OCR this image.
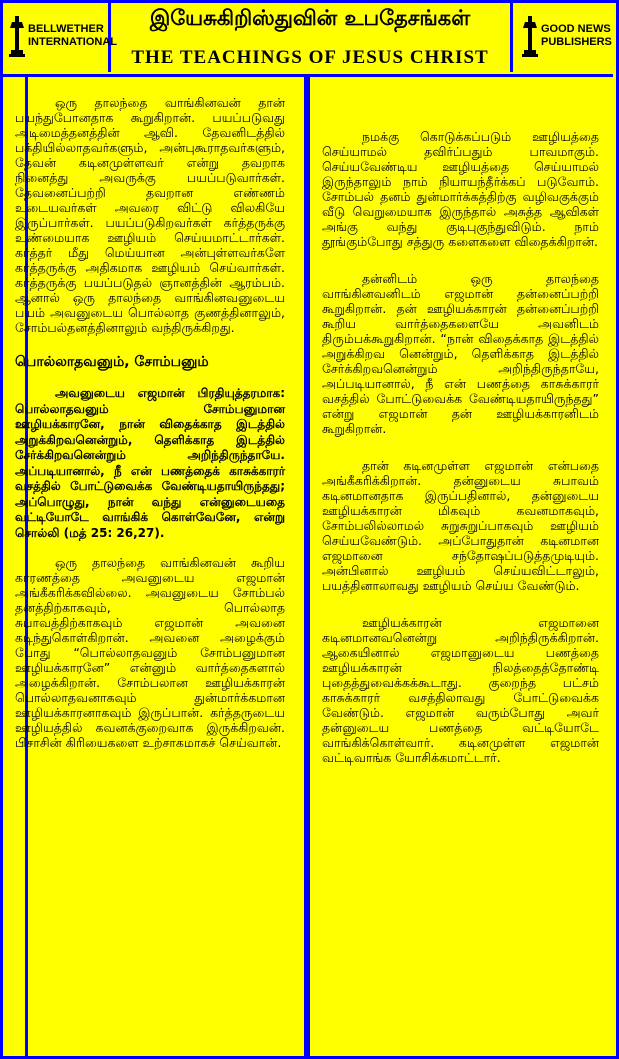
BELLWETHER
INTERNATIONAL
இயேசுகிறிஸ்துவின் உபதேசங்கள்
THE TEACHINGS OF JESUS CHRIST
GOOD NEWS
PUBLISHERS

ஒரு தாலந்தை வாங்கினவன் தான் பயந்துபோனதாக கூறுகிறான். பயப்படுவது அடிமைத்தனத்தின் ஆவி. தேவனிடத்தில் பக்தியில்லாதவர்களும், அன்புகூராதவர்களும், தேவன் கடினமுள்ளவர் என்று தவறாக நினைத்து அவருக்கு பயப்படுவார்கள். தேவனைப்பற்றி தவறான எண்ணம் உடையவர்கள் அவரை விட்டு விலகியே இருப்பார்கள். பயப்படுகிறவர்கள் கர்த்தருக்கு உண்மையாக ஊழியம் செய்யமாட்டார்கள். கர்த்தர் மீது மெய்யான அன்புள்ளவர்களே கர்த்தருக்கு அதிகமாக ஊழியம் செய்வார்கள். கர்த்தருக்கு பயப்படுதல் ஞானத்தின் ஆரம்பம். ஆனால் ஒரு தாலந்தை வாங்கினவனுடைய பயம் அவனுடைய பொல்லாத குணத்தினாலும், சோம்பல்தனத்தினாலும் வந்திருக்கிறது.

பொல்லாதவனும், சோம்பனும்

அவனுடைய எஜமான் பிரதியுத்தரமாக: பொல்லாதவனும் சோம்பனுமான ஊழியக்காரனே, நான் விதைக்காத இடத்தில் அறுக்கிறவனென்றும், தெளிக்காத இடத்தில் சேர்க்கிறவனென்றும் அறிந்திருந்தாயே. அப்படியானால், நீ என் பணத்தைக் காசுக்காரர் வசத்தில் போட்டுவைக்க வேண்டியதாயிருந்தது; அப்பொழுது, நான் வந்து என்னுடையதை வட்டியோடே வாங்கிக் கொள்வேனே, என்று சொல்லி (மத் 25: 26,27).

ஒரு தாலந்தை வாங்கினவன் கூறிய காரணத்தை அவனுடைய எஜமான் அங்கீகரிக்கவில்லை. அவனுடைய சோம்பல் தனத்திற்காகவும், பொல்லாத சுபாவத்திற்காகவும் எஜமான் அவனை கடிந்துகொள்கிறான். அவனை அழைக்கும் போது “பொல்லாதவனும் சோம்பனுமான ஊழியக்காரனே” என்னும் வார்த்தைகளால் அழைக்கிறான். சோம்பலான ஊழியக்காரன் பொல்லாதவனாகவும் துன்மார்க்கமான ஊழியக்காரனாகவும் இருப்பான். கர்த்தருடைய ஊழியத்தில் கவனக்குறைவாக இருக்கிறவன். பிசாசின் கிரியைகளை உற்சாகமாகச் செய்வான்.

நமக்கு கொடுக்கப்படும் ஊழியத்தை செய்யாமல் தவிர்ப்பதும் பாவமாகும். செய்யவேண்டிய ஊழியத்தை செய்யாமல் இருந்தாலும் நாம் நியாயந்தீர்க்கப் படுவோம். சோம்பல் தனம் துன்மார்க்கத்திற்கு வழிவகுக்கும் வீடு வெறுமையாக இருந்தால் அசுத்த ஆவிகள் அங்கு வந்து குடிபுகுந்துவிடும். நாம் தூங்கும்போது சத்துரு களைகளை விதைக்கிறான்.

தன்னிடம் ஒரு தாலந்தை வாங்கினவனிடம் எஜமான் தன்னைப்பற்றி கூறுகிறான். தன் ஊழியக்காரன் தன்னைப்பற்றி கூறிய வார்த்தைகளையே அவனிடம் திரும்பக்கூறுகிறான். “நான் விதைக்காத இடத்தில் அறுக்கிறவ னென்றும், தெளிக்காத இடத்தில் சேர்க்கிறவனென்றும் அறிந்திருந்தாயே, அப்படியானால், நீ என் பணத்தை காசுக்காரர் வசத்தில் போட்டுவைக்க வேண்டியதாயிருந்தது” என்று எஜமான் தன் ஊழியக்காரனிடம் கூறுகிறான்.

தான் கடினமுள்ள எஜமான் என்பதை அங்கீகரிக்கிறான். தன்னுடைய சுபாவம் கடினமானதாக இருப்பதினால், தன்னுடைய ஊழியக்காரன் மிகவும் கவனமாகவும், சோம்பலில்லாமல் சுறுசுறுப்பாகவும் ஊழியம் செய்யவேண்டும். அப்போதுதான் கடினமான எஜமானை சந்தோஷப்படுத்தமுடியும். அன்பினால் ஊழியம் செய்யவிட்டாலும், பயத்தினாலாவது ஊழியம் செய்ய வேண்டும்.

ஊழியக்காரன் எஜமானை கடினமானவனென்று அறிந்திருக்கிறான். ஆகையினால் எஜமானுடைய பணத்தை ஊழியக்காரன் நிலத்தைத்தோண்டி புதைத்துவைக்கக்கூடாது. குறைந்த பட்சம் காசுக்காரர் வசத்திலாவது போட்டுவைக்க வேண்டும். எஜமான் வரும்போது அவர் தன்னுடைய பணத்தை வட்டியோடே வாங்கிக்கொள்வார். கடினமுள்ள எஜமான் வட்டிவாங்க யோசிக்கமாட்டார்.
